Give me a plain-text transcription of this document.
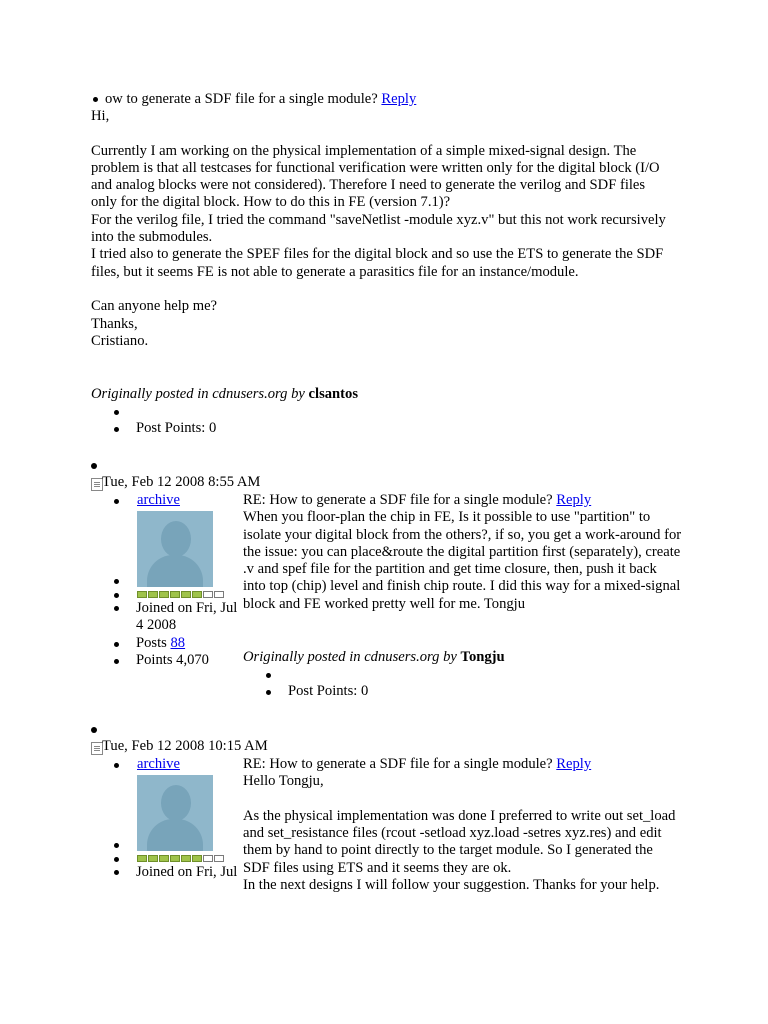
ow to generate a SDF file for a single module? Reply

Hi,

Currently I am working on the physical implementation of a simple mixed-signal design. The problem is that all testcases for functional verification were written only for the digital block (I/O and analog blocks were not considered). Therefore I need to generate the verilog and SDF files only for the digital block. How to do this in FE (version 7.1)?

For the verilog file, I tried the command "saveNetlist -module xyz.v" but this not work recursively into the submodules.

I tried also to generate the SPEF files for the digital block and so use the ETS to generate the SDF files, but it seems FE is not able to generate a parasitics file for an instance/module.

Can anyone help me?

Thanks,

Cristiano.

Originally posted in cdnusers.org by clsantos
Post Points: 0
Tue, Feb 12 2008 8:55 AM
archive
Joined on Fri, Jul 4 2008
Posts 88
Points 4,070
RE: How to generate a SDF file for a single module? Reply
When you floor-plan the chip in FE, Is it possible to use "partition" to isolate your digital block from the others?, if so, you get a work-around for the issue: you can place&route the digital partition first (separately), create .v and spef file for the partition and get time closure, then, push it back into top (chip) level and finish chip route. I did this way for a mixed-signal block and FE worked pretty well for me. Tongju
Originally posted in cdnusers.org by Tongju
Post Points: 0
Tue, Feb 12 2008 10:15 AM
archive
Joined on Fri, Jul
RE: How to generate a SDF file for a single module? Reply
Hello Tongju,
As the physical implementation was done I preferred to write out set_load and set_resistance files (rcout -setload xyz.load -setres xyz.res) and edit them by hand to point directly to the target module. So I generated the SDF files using ETS and it seems they are ok.
In the next designs I will follow your suggestion. Thanks for your help.
